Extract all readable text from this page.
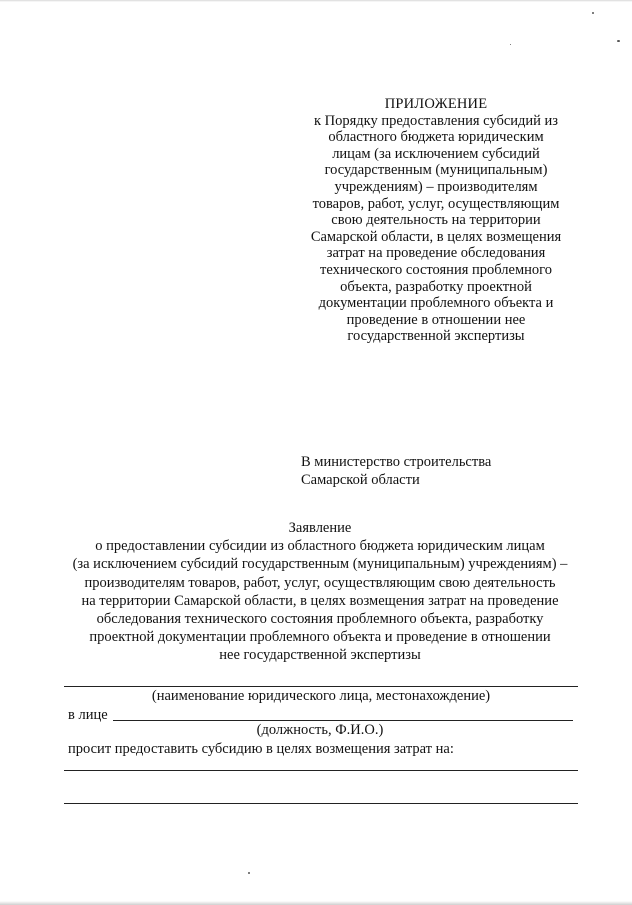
ПРИЛОЖЕНИЕ
к Порядку предоставления субсидий из
областного бюджета юридическим
лицам (за исключением субсидий
государственным (муниципальным)
учреждениям) – производителям
товаров, работ, услуг, осуществляющим
свою деятельность на территории
Самарской области, в целях возмещения
затрат на проведение обследования
технического состояния проблемного
объекта, разработку проектной
документации проблемного объекта и
проведение в отношении нее
государственной экспертизы
В министерство строительства
Самарской области
Заявление
о предоставлении субсидии из областного бюджета юридическим лицам
(за исключением субсидий государственным (муниципальным) учреждениям) –
производителям товаров, работ, услуг, осуществляющим свою деятельность
на территории Самарской области, в целях возмещения затрат на проведение
обследования технического состояния проблемного объекта, разработку
проектной документации проблемного объекта и проведение в отношении
нее государственной экспертизы
(наименование юридического лица, местонахождение)
в лице
(должность, Ф.И.О.)
просит предоставить субсидию в целях возмещения затрат на:
